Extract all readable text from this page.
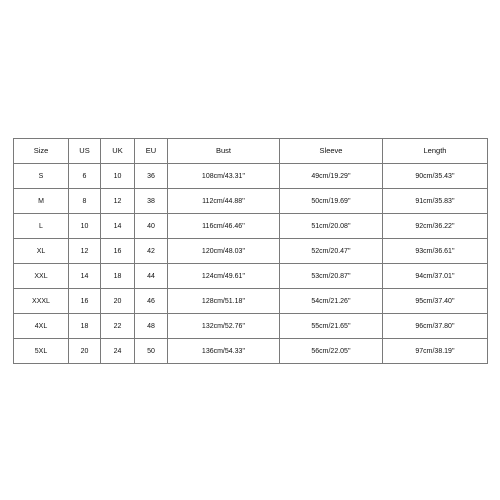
Size	US	UK	EU	Bust	Sleeve	Length
S	6	10	36	108cm/43.31''	49cm/19.29''	90cm/35.43''
M	8	12	38	112cm/44.88''	50cm/19.69''	91cm/35.83''
L	10	14	40	116cm/46.46''	51cm/20.08''	92cm/36.22''
XL	12	16	42	120cm/48.03''	52cm/20.47''	93cm/36.61''
XXL	14	18	44	124cm/49.61''	53cm/20.87''	94cm/37.01''
XXXL	16	20	46	128cm/51.18''	54cm/21.26''	95cm/37.40''
4XL	18	22	48	132cm/52.76''	55cm/21.65''	96cm/37.80''
5XL	20	24	50	136cm/54.33''	56cm/22.05''	97cm/38.19''
